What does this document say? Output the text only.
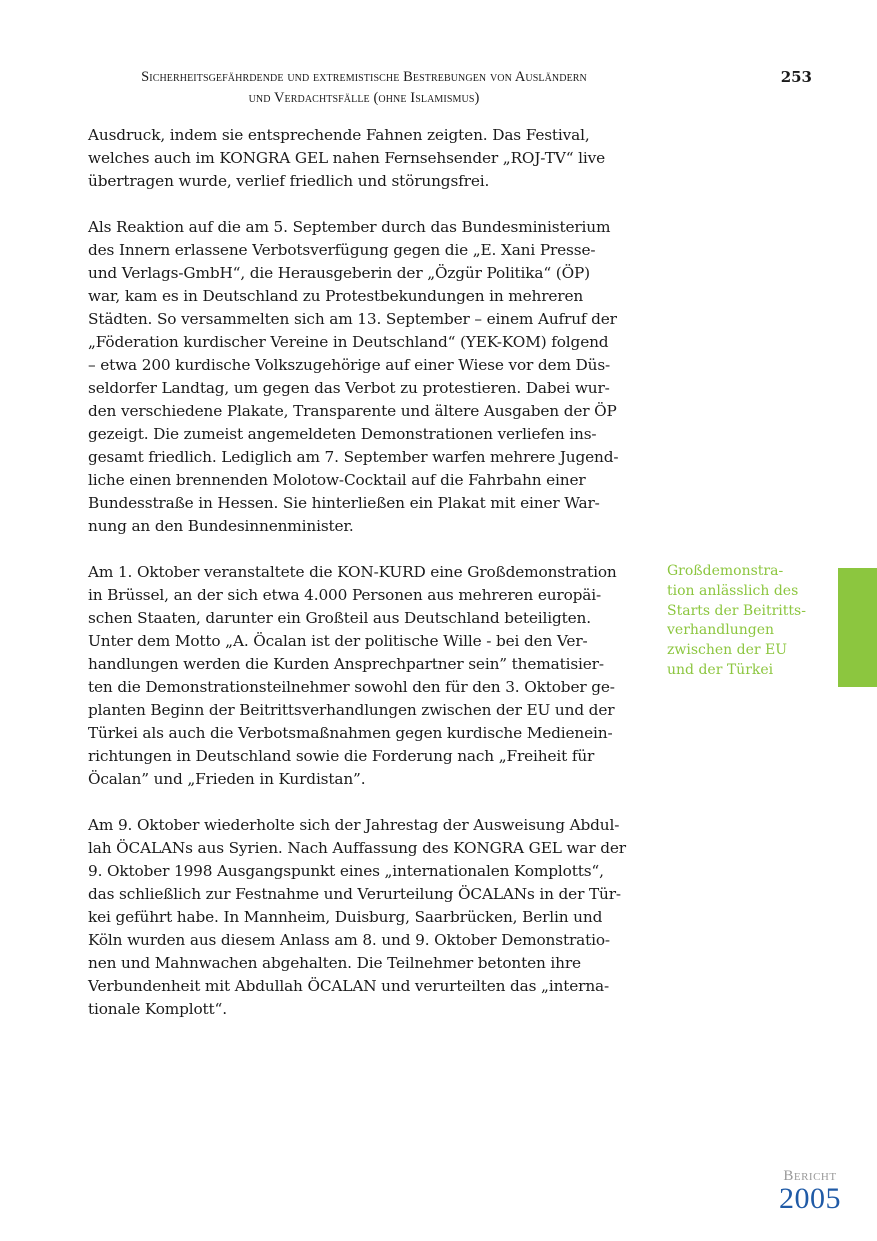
Sicherheitsgefährdende und extremistische Bestrebungen von Ausländern
und Verdachtsfälle (ohne Islamismus)
253

Ausdruck, indem sie entsprechende Fahnen zeigten. Das Festival,
welches auch im KONGRA GEL nahen Fernsehsender „ROJ-TV“ live
übertragen wurde, verlief friedlich und störungsfrei.

Als Reaktion auf die am 5. September durch das Bundesministerium
des Innern erlassene Verbotsverfügung gegen die „E. Xani Presse-
und Verlags-GmbH“, die Herausgeberin der „Özgür Politika“ (ÖP)
war, kam es in Deutschland zu Protestbekundungen in mehreren
Städten. So versammelten sich am 13. September – einem Aufruf der
„Föderation kurdischer Vereine in Deutschland“ (YEK-KOM) folgend
– etwa 200 kurdische Volkszugehörige auf einer Wiese vor dem Düs-
seldorfer Landtag, um gegen das Verbot zu protestieren. Dabei wur-
den verschiedene Plakate, Transparente und ältere Ausgaben der ÖP
gezeigt. Die zumeist angemeldeten Demonstrationen verliefen ins-
gesamt friedlich. Lediglich am 7. September warfen mehrere Jugend-
liche einen brennenden Molotow-Cocktail auf die Fahrbahn einer
Bundesstraße in Hessen. Sie hinterließen ein Plakat mit einer War-
nung an den Bundesinnenminister.

Am 1. Oktober veranstaltete die KON-KURD eine Großdemonstration
in Brüssel, an der sich etwa 4.000 Personen aus mehreren europäi-
schen Staaten, darunter ein Großteil aus Deutschland beteiligten.
Unter dem Motto „A. Öcalan ist der politische Wille - bei den Ver-
handlungen werden die Kurden Ansprechpartner sein” thematisier-
ten die Demonstrationsteilnehmer sowohl den für den 3. Oktober ge-
planten Beginn der Beitrittsverhandlungen zwischen der EU und der
Türkei als auch die Verbotsmaßnahmen gegen kurdische Medienein-
richtungen in Deutschland sowie die Forderung nach „Freiheit für
Öcalan” und „Frieden in Kurdistan”.

Am 9. Oktober wiederholte sich der Jahrestag der Ausweisung Abdul-
lah ÖCALANs aus Syrien. Nach Auffassung des KONGRA GEL war der
9. Oktober 1998 Ausgangspunkt eines „internationalen Komplotts“,
das schließlich zur Festnahme und Verurteilung ÖCALANs in der Tür-
kei geführt habe. In Mannheim, Duisburg, Saarbrücken, Berlin und
Köln wurden aus diesem Anlass am 8. und 9. Oktober Demonstratio-
nen und Mahnwachen abgehalten. Die Teilnehmer betonten ihre
Verbundenheit mit Abdullah ÖCALAN und verurteilten das „interna-
tionale Komplott“.

Großdemonstra-
tion anlässlich des
Starts der Beitritts-
verhandlungen
zwischen der EU
und der Türkei
Bericht
2005
